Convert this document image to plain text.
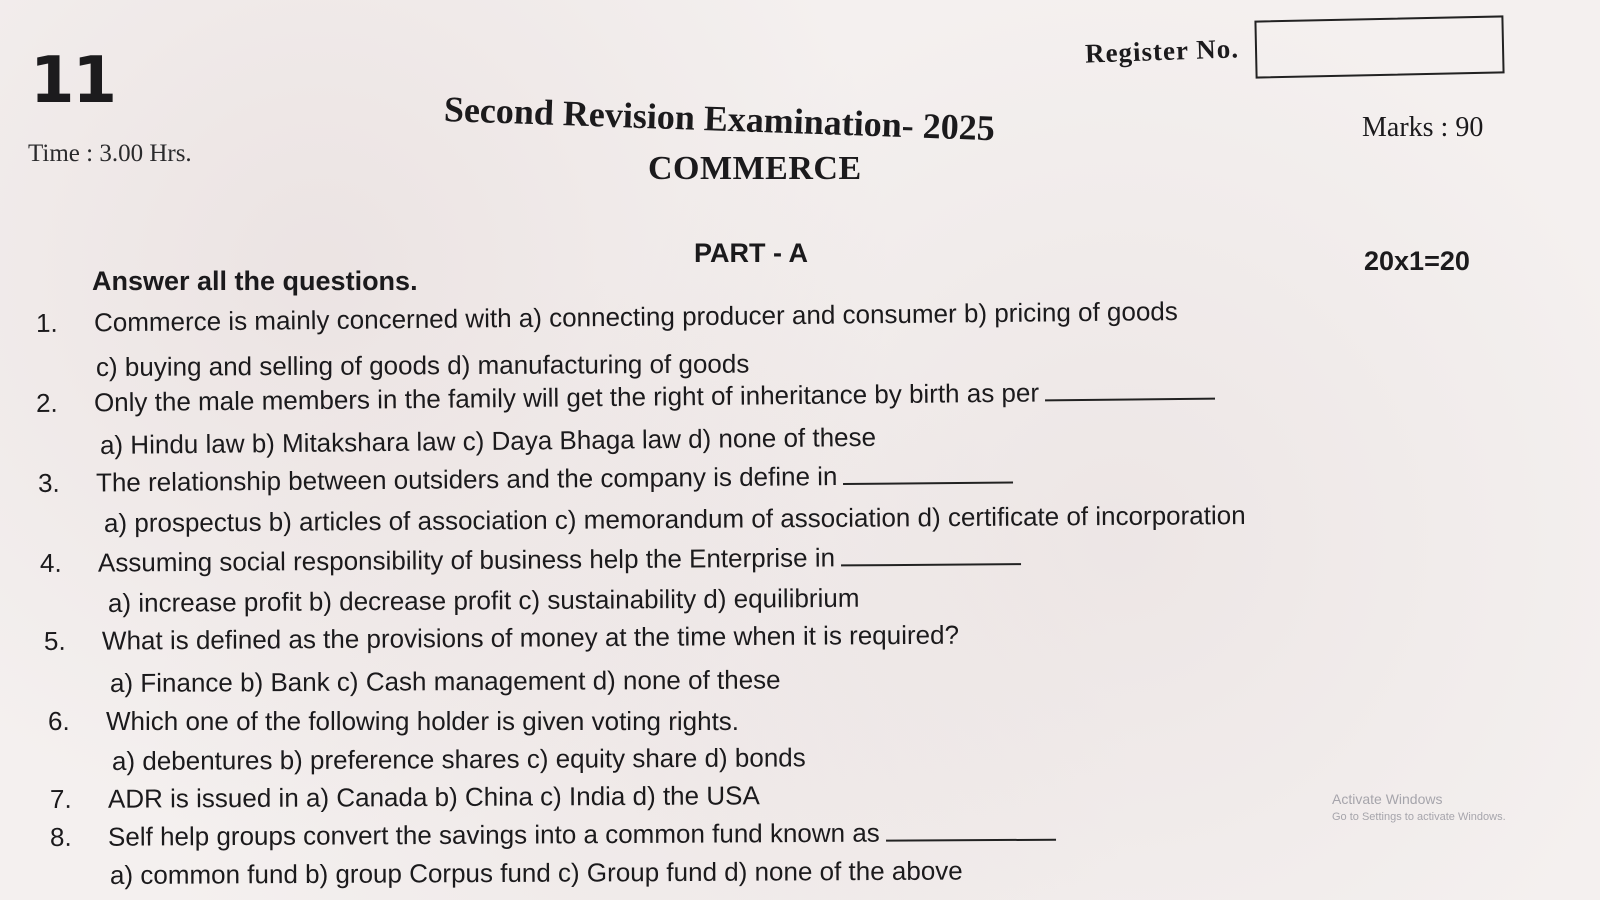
11
Time : 3.00 Hrs.
Register No.
Second Revision Examination- 2025
COMMERCE
Marks : 90
PART - A
Answer all the questions.
20x1=20
1. Commerce is mainly concerned with a) connecting producer and consumer b) pricing of goods
c) buying and selling of goods d) manufacturing of goods
2. Only the male members in the family will get the right of inheritance by birth as per
a) Hindu law b) Mitakshara law c) Daya Bhaga law d) none of these
3. The relationship between outsiders and the company is define in
a) prospectus b) articles of association c) memorandum of association d) certificate of incorporation
4. Assuming social responsibility of business help the Enterprise in
a) increase profit b) decrease profit c) sustainability d) equilibrium
5. What is defined as the provisions of money at the time when it is required?
a) Finance b) Bank c) Cash management d) none of these
6. Which one of the following holder is given voting rights.
a) debentures b) preference shares c) equity share d) bonds
7. ADR is issued in a) Canada b) China c) India d) the USA
8. Self help groups convert the savings into a common fund known as
a) common fund b) group Corpus fund c) Group fund d) none of the above
Activate Windows
Go to Settings to activate Windows.
